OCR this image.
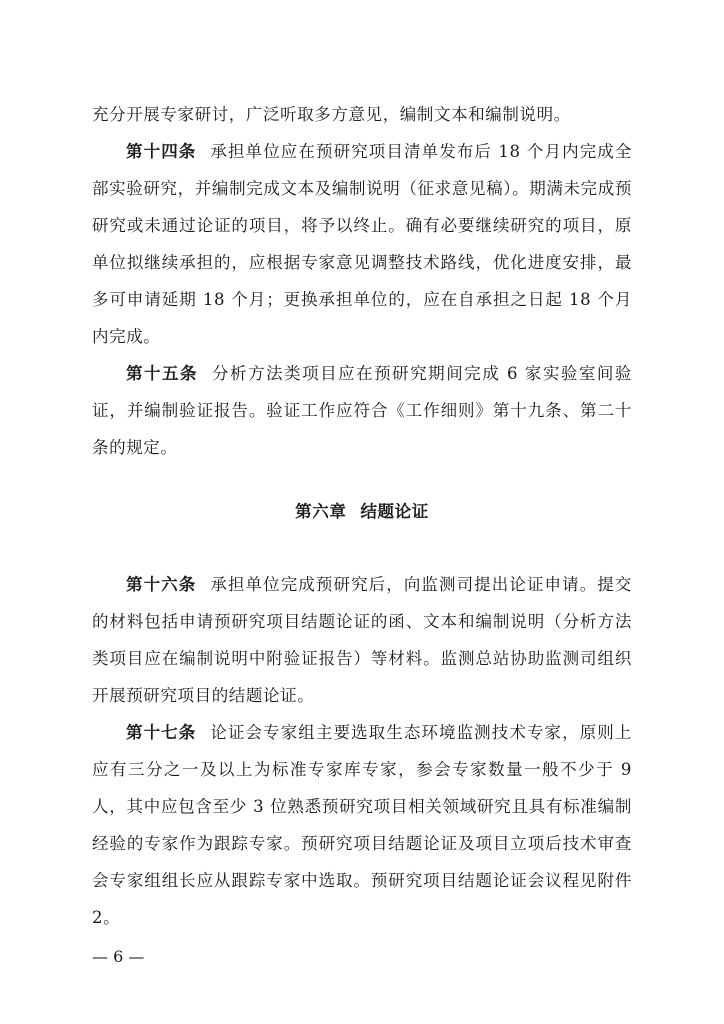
充分开展专家研讨，广泛听取多方意见，编制文本和编制说明。

第十四条 承担单位应在预研究项目清单发布后 18 个月内完成全部实验研究，并编制完成文本及编制说明（征求意见稿）。期满未完成预研究或未通过论证的项目，将予以终止。确有必要继续研究的项目，原单位拟继续承担的，应根据专家意见调整技术路线，优化进度安排，最多可申请延期 18 个月；更换承担单位的，应在自承担之日起 18 个月内完成。

第十五条 分析方法类项目应在预研究期间完成 6 家实验室间验证，并编制验证报告。验证工作应符合《工作细则》第十九条、第二十条的规定。

第六章 结题论证

第十六条 承担单位完成预研究后，向监测司提出论证申请。提交的材料包括申请预研究项目结题论证的函、文本和编制说明（分析方法类项目应在编制说明中附验证报告）等材料。监测总站协助监测司组织开展预研究项目的结题论证。

第十七条 论证会专家组主要选取生态环境监测技术专家，原则上应有三分之一及以上为标准专家库专家，参会专家数量一般不少于 9 人，其中应包含至少 3 位熟悉预研究项目相关领域研究且具有标准编制经验的专家作为跟踪专家。预研究项目结题论证及项目立项后技术审查会专家组组长应从跟踪专家中选取。预研究项目结题论证会议程见附件 2。

— 6 —
